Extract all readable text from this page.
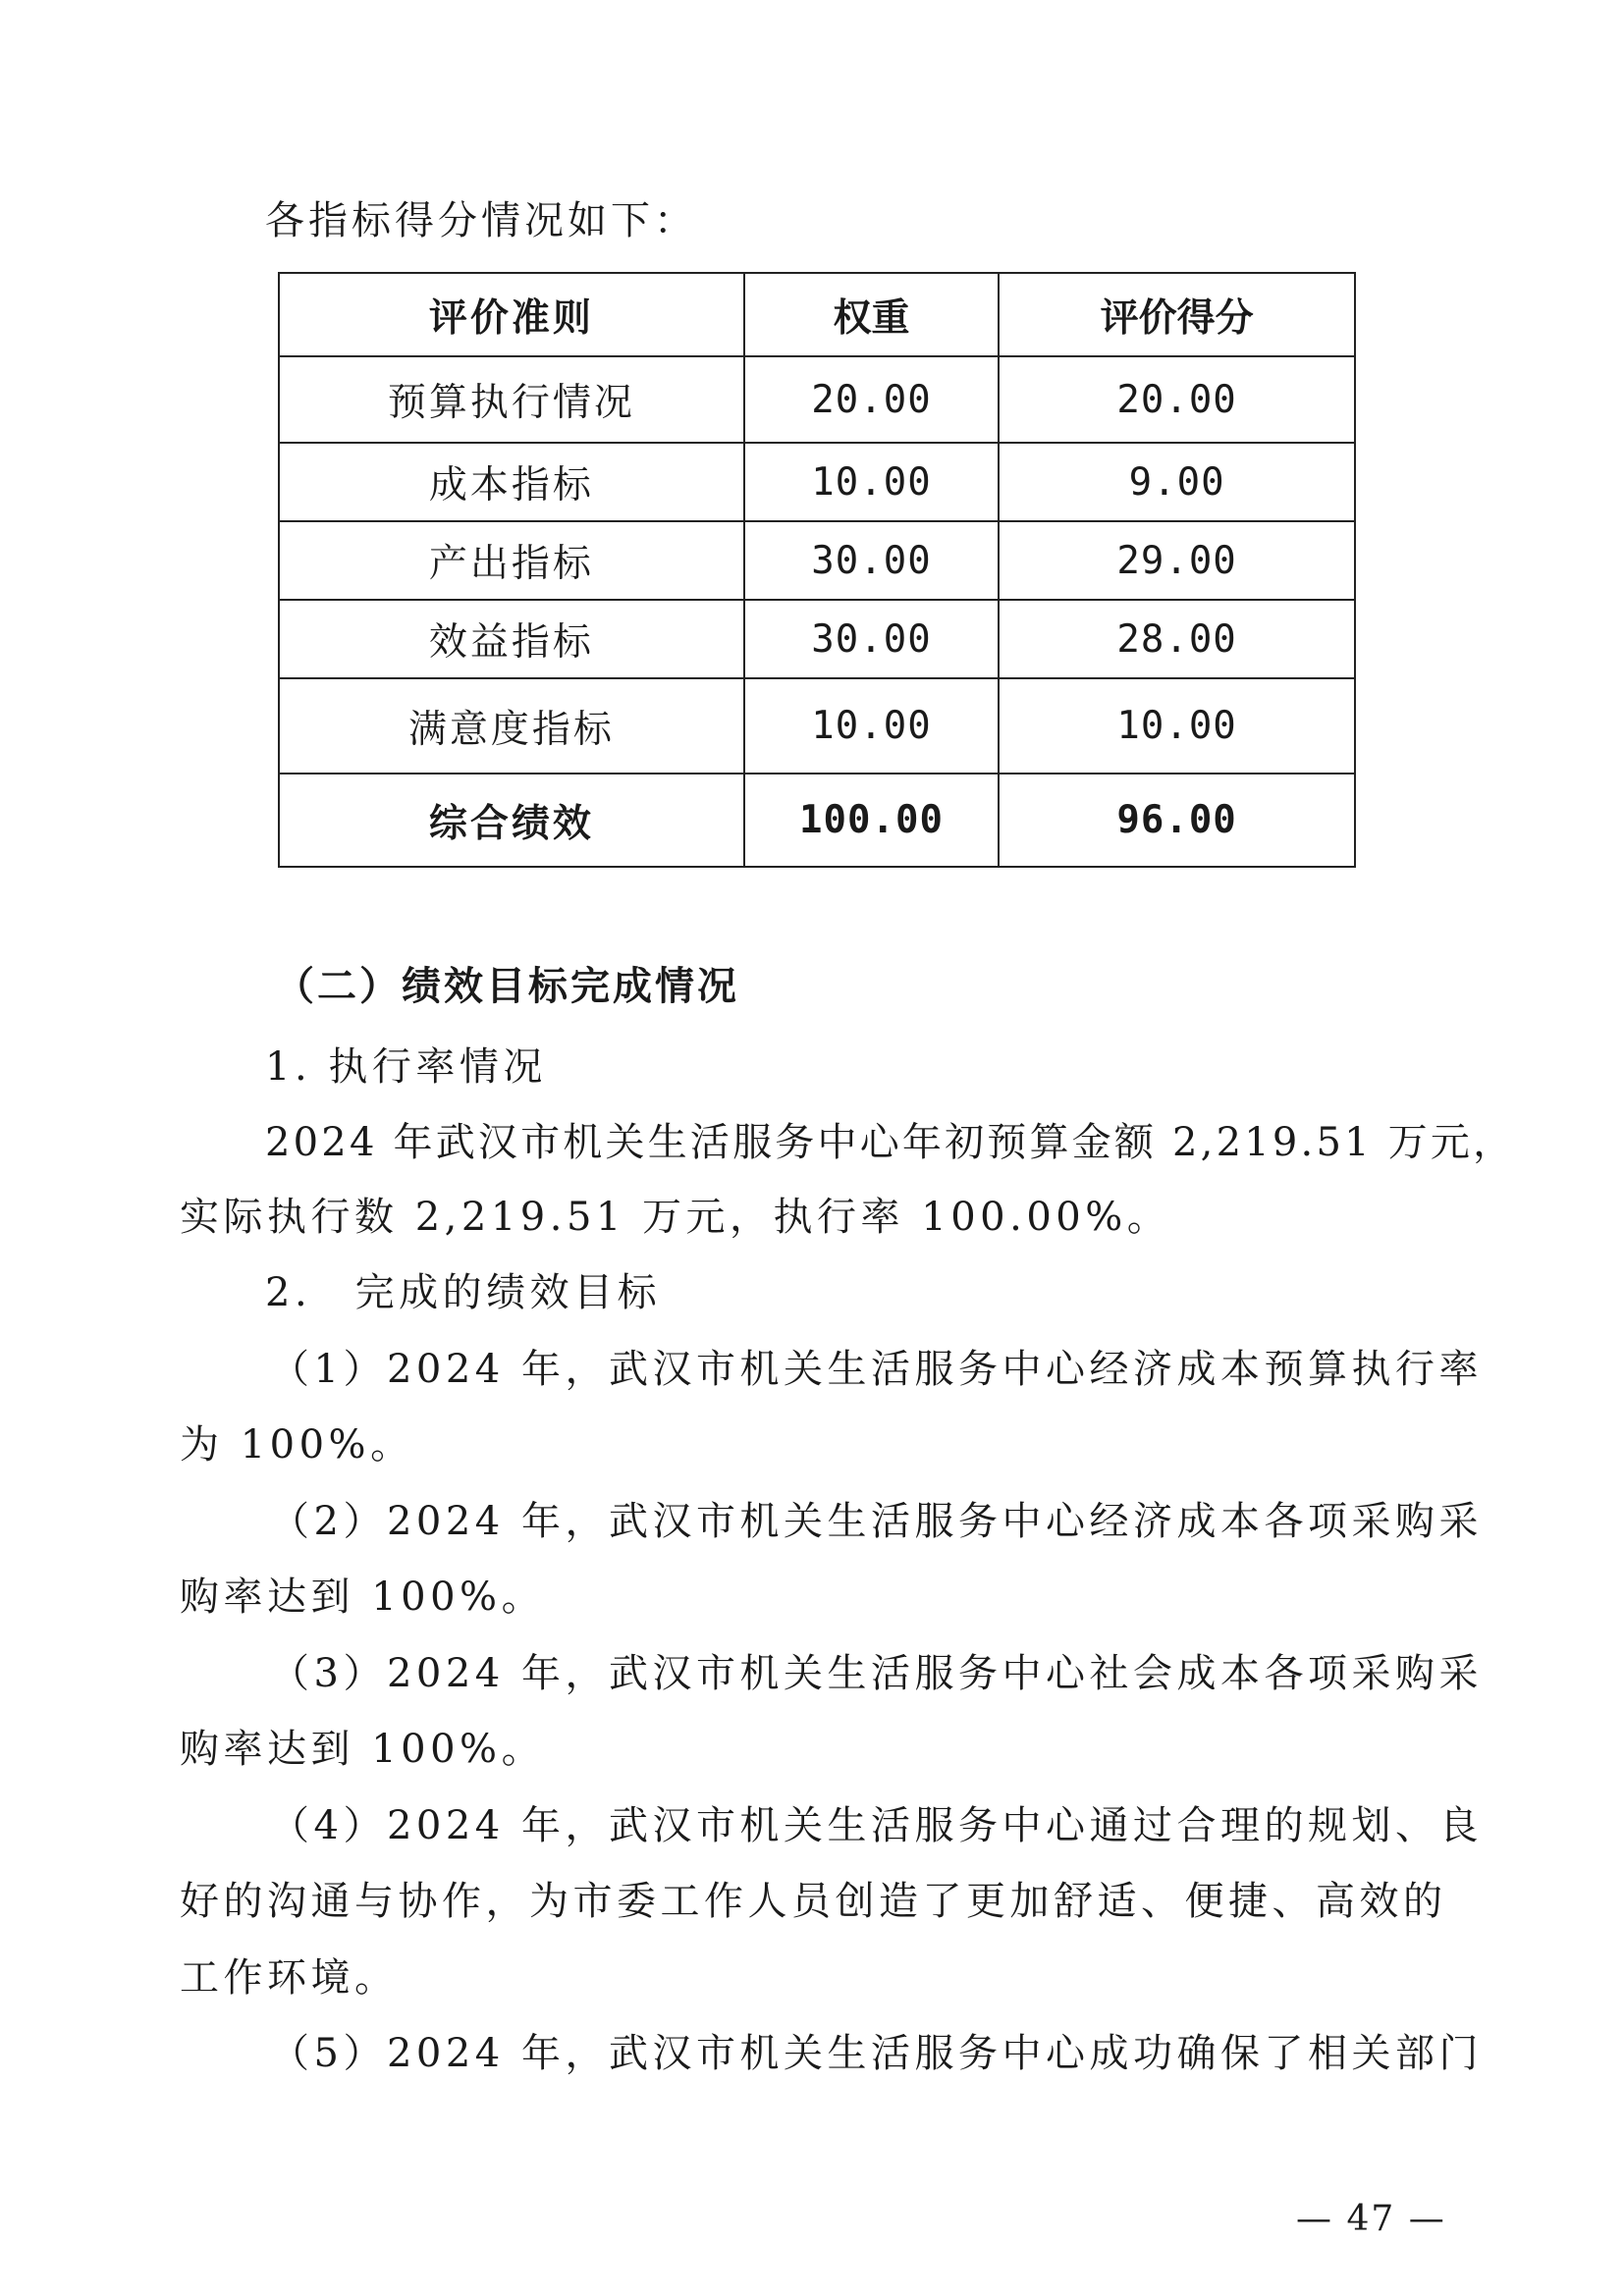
各指标得分情况如下：
评价准则	权重	评价得分
预算执行情况	20.00	20.00
成本指标	10.00	9.00
产出指标	30.00	29.00
效益指标	30.00	28.00
满意度指标	10.00	10.00
综合绩效	100.00	96.00
（二）绩效目标完成情况
1. 执行率情况
2024 年武汉市机关生活服务中心年初预算金额 2,219.51 万元，
实际执行数 2,219.51 万元，执行率 100.00%。
2.　完成的绩效目标
（1）2024 年，武汉市机关生活服务中心经济成本预算执行率
为 100%。
（2）2024 年，武汉市机关生活服务中心经济成本各项采购采
购率达到 100%。
（3）2024 年，武汉市机关生活服务中心社会成本各项采购采
购率达到 100%。
（4）2024 年，武汉市机关生活服务中心通过合理的规划、良
好的沟通与协作，为市委工作人员创造了更加舒适、便捷、高效的
工作环境。
（5）2024 年，武汉市机关生活服务中心成功确保了相关部门
— 47 —
